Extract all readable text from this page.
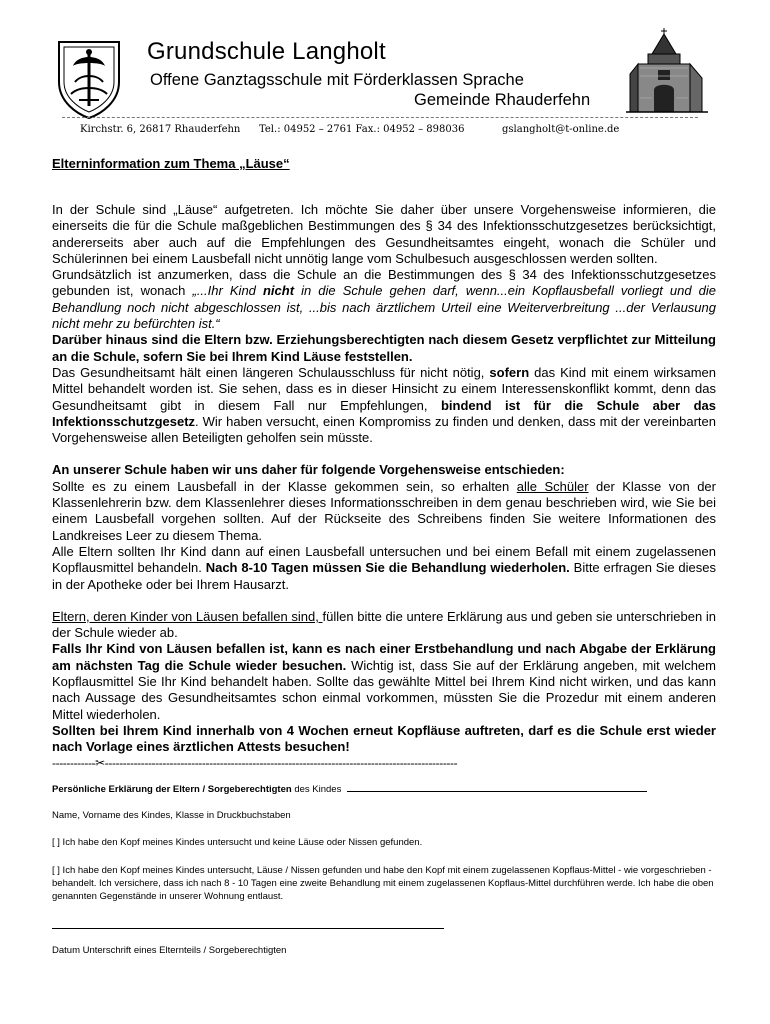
Grundschule Langholt
Offene Ganztagsschule mit Förderklassen Sprache
Gemeinde Rhauderfehn
Kirchstr. 6, 26817 Rhauderfehn Tel.: 04952 – 2761 Fax.: 04952 – 898036	gslangholt@t-online.de
Elterninformation zum Thema „Läuse“

In der Schule sind „Läuse“ aufgetreten. Ich möchte Sie daher über unsere Vorgehensweise informieren, die einerseits die für die Schule maßgeblichen Bestimmungen des § 34 des Infektionsschutzgesetzes berücksichtigt, andererseits aber auch auf die Empfehlungen des Gesundheitsamtes eingeht, wonach die Schüler und Schülerinnen bei einem Lausbefall nicht unnötig lange vom Schulbesuch ausgeschlossen werden sollten.

Grundsätzlich ist anzumerken, dass die Schule an die Bestimmungen des § 34 des Infektionsschutzgesetzes gebunden ist, wonach „...Ihr Kind nicht in die Schule gehen darf, wenn...ein Kopflausbefall vorliegt und die Behandlung noch nicht abgeschlossen ist, ...bis nach ärztlichem Urteil eine Weiterverbreitung ...der Verlausung nicht mehr zu befürchten ist.“

Darüber hinaus sind die Eltern bzw. Erziehungsberechtigten nach diesem Gesetz verpflichtet zur Mitteilung an die Schule, sofern Sie bei Ihrem Kind Läuse feststellen.

Das Gesundheitsamt hält einen längeren Schulausschluss für nicht nötig, sofern das Kind mit einem wirksamen Mittel behandelt worden ist. Sie sehen, dass es in dieser Hinsicht zu einem Interessenskonflikt kommt, denn das Gesundheitsamt gibt in diesem Fall nur Empfehlungen, bindend ist für die Schule aber das Infektionsschutzgesetz. Wir haben versucht, einen Kompromiss zu finden und denken, dass mit der vereinbarten Vorgehensweise allen Beteiligten geholfen sein müsste.

An unserer Schule haben wir uns daher für folgende Vorgehensweise entschieden:

Sollte es zu einem Lausbefall in der Klasse gekommen sein, so erhalten alle Schüler der Klasse von der Klassenlehrerin bzw. dem Klassenlehrer dieses Informationsschreiben in dem genau beschrieben wird, wie Sie bei einem Lausbefall vorgehen sollten. Auf der Rückseite des Schreibens finden Sie weitere Informationen des Landkreises Leer zu diesem Thema.

Alle Eltern sollten Ihr Kind dann auf einen Lausbefall untersuchen und bei einem Befall mit einem zugelassenen Kopflausmittel behandeln. Nach 8-10 Tagen müssen Sie die Behandlung wiederholen. Bitte erfragen Sie dieses in der Apotheke oder bei Ihrem Hausarzt.

Eltern, deren Kinder von Läusen befallen sind, füllen bitte die untere Erklärung aus und geben sie unterschrieben in der Schule wieder ab.

Falls Ihr Kind von Läusen befallen ist, kann es nach einer Erstbehandlung und nach Abgabe der Erklärung am nächsten Tag die Schule wieder besuchen. Wichtig ist, dass Sie auf der Erklärung angeben, mit welchem Kopflausmittel Sie Ihr Kind behandelt haben. Sollte das gewählte Mittel bei Ihrem Kind nicht wirken, und das kann nach Aussage des Gesundheitsamtes schon einmal vorkommen, müssten Sie die Prozedur mit einem anderen Mittel wiederholen.

Sollten bei Ihrem Kind innerhalb von 4 Wochen erneut Kopfläuse auftreten, darf es die Schule erst wieder nach Vorlage eines ärztlichen Attests besuchen!

------------✂--------------------------------------------------------------------------------------------------
Persönliche Erklärung der Eltern / Sorgeberechtigten des Kindes
Name, Vorname des Kindes, Klasse in Druckbuchstaben
[ ] Ich habe den Kopf meines Kindes untersucht und keine Läuse oder Nissen gefunden.
[ ] Ich habe den Kopf meines Kindes untersucht, Läuse / Nissen gefunden und habe den Kopf mit einem zugelassenen Kopflaus-Mittel - wie vorgeschrieben - behandelt. Ich versichere, dass ich nach 8 - 10 Tagen eine zweite Behandlung mit einem zugelassenen Kopflaus-Mittel durchführen werde. Ich habe die oben genannten Gegenstände in unserer Wohnung entlaust.
Datum Unterschrift eines Elternteils / Sorgeberechtigten
